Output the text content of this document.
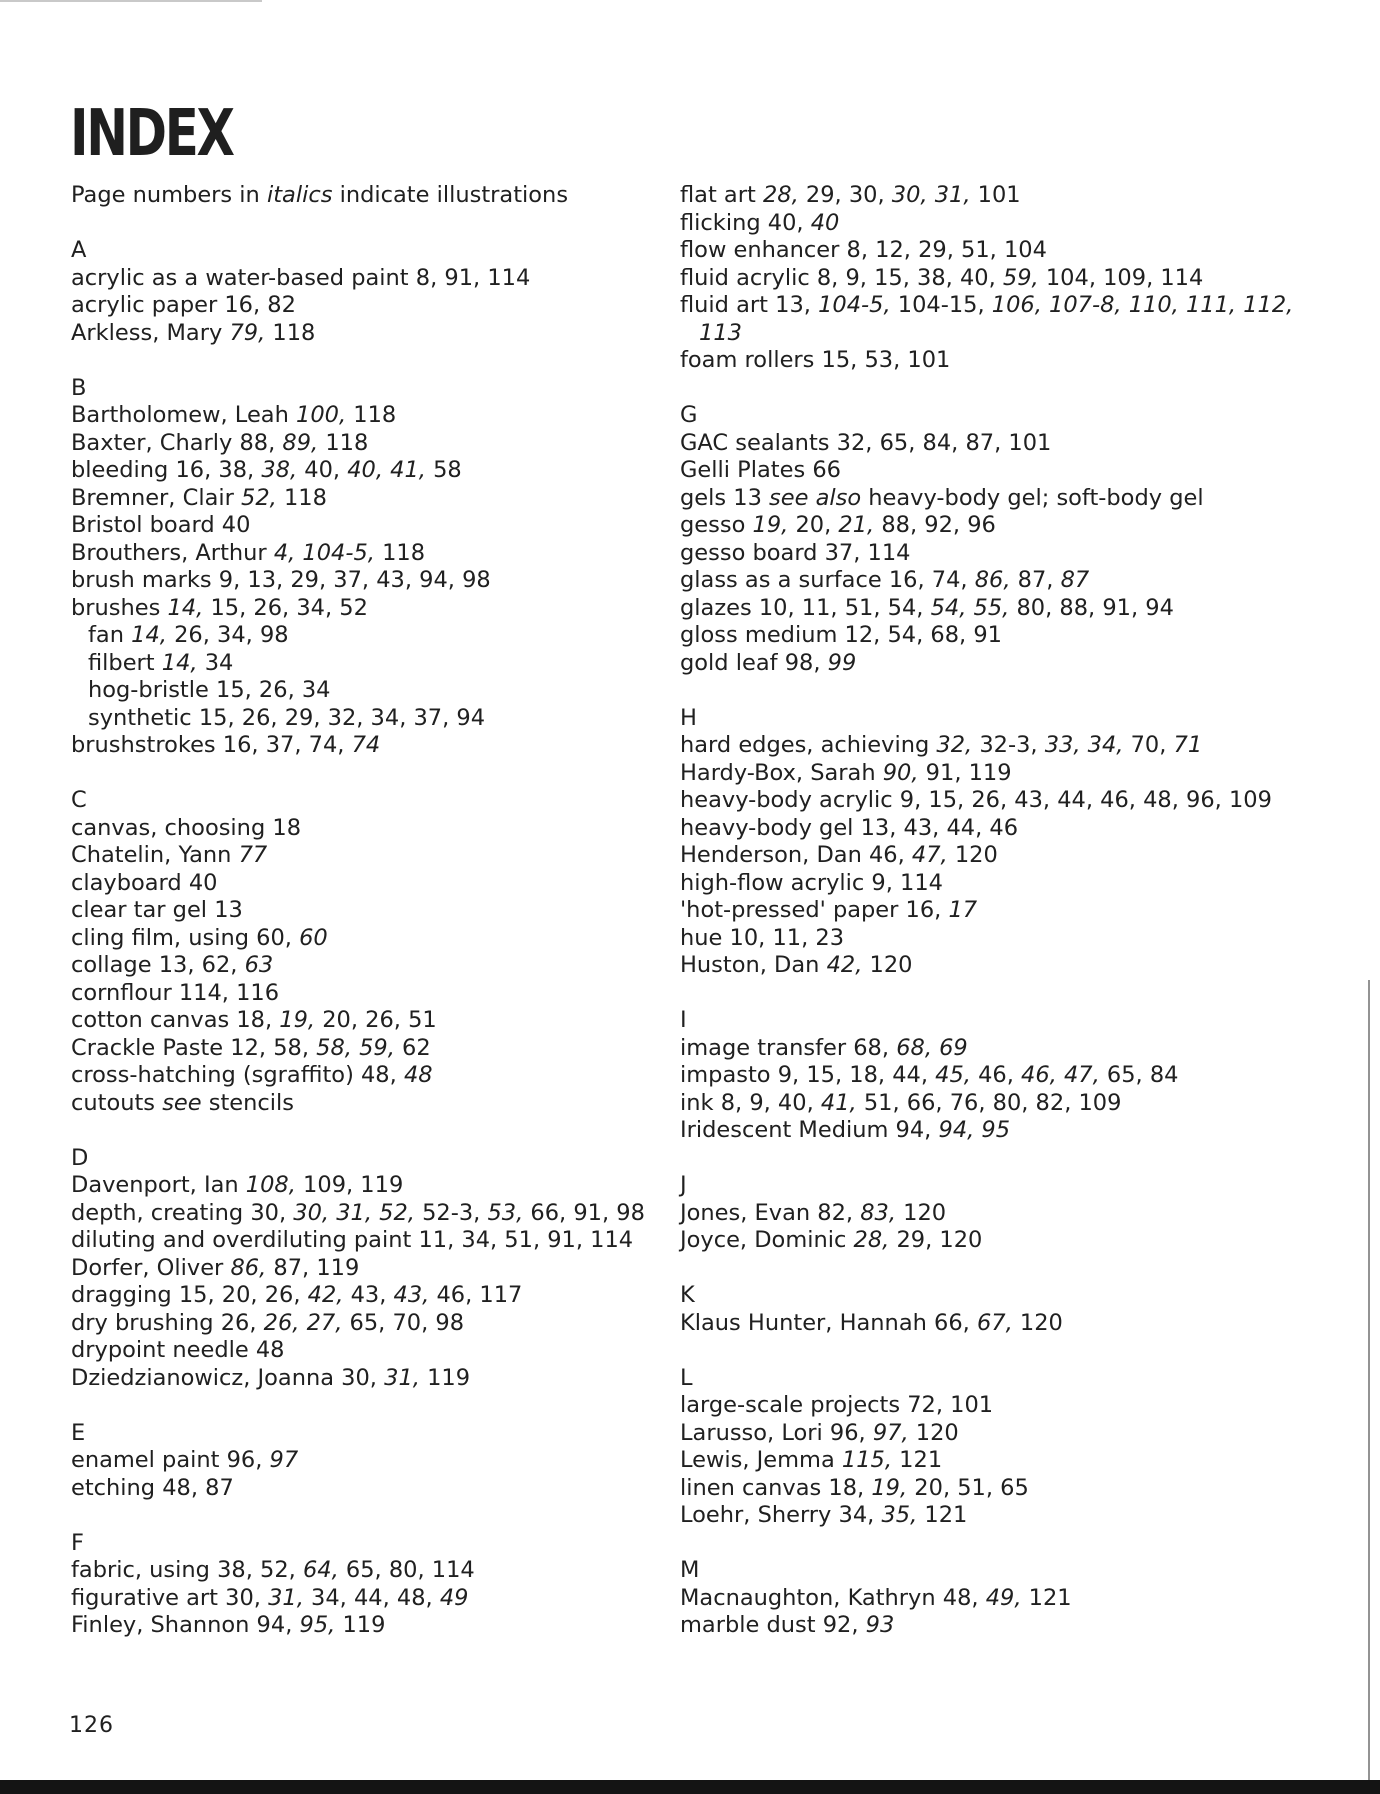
INDEX
Page numbers in italics indicate illustrations
A
acrylic as a water-based paint 8, 91, 114
acrylic paper 16, 82
Arkless, Mary 79, 118
B
Bartholomew, Leah 100, 118
Baxter, Charly 88, 89, 118
bleeding 16, 38, 38, 40, 40, 41, 58
Bremner, Clair 52, 118
Bristol board 40
Brouthers, Arthur 4, 104-5, 118
brush marks 9, 13, 29, 37, 43, 94, 98
brushes 14, 15, 26, 34, 52
fan 14, 26, 34, 98
filbert 14, 34
hog-bristle 15, 26, 34
synthetic 15, 26, 29, 32, 34, 37, 94
brushstrokes 16, 37, 74, 74
C
canvas, choosing 18
Chatelin, Yann 77
clayboard 40
clear tar gel 13
cling film, using 60, 60
collage 13, 62, 63
cornflour 114, 116
cotton canvas 18, 19, 20, 26, 51
Crackle Paste 12, 58, 58, 59, 62
cross-hatching (sgraffito) 48, 48
cutouts see stencils
D
Davenport, Ian 108, 109, 119
depth, creating 30, 30, 31, 52, 52-3, 53, 66, 91, 98
diluting and overdiluting paint 11, 34, 51, 91, 114
Dorfer, Oliver 86, 87, 119
dragging 15, 20, 26, 42, 43, 43, 46, 117
dry brushing 26, 26, 27, 65, 70, 98
drypoint needle 48
Dziedzianowicz, Joanna 30, 31, 119
E
enamel paint 96, 97
etching 48, 87
F
fabric, using 38, 52, 64, 65, 80, 114
figurative art 30, 31, 34, 44, 48, 49
Finley, Shannon 94, 95, 119
flat art 28, 29, 30, 30, 31, 101
flicking 40, 40
flow enhancer 8, 12, 29, 51, 104
fluid acrylic 8, 9, 15, 38, 40, 59, 104, 109, 114
fluid art 13, 104-5, 104-15, 106, 107-8, 110, 111, 112,
113
foam rollers 15, 53, 101
G
GAC sealants 32, 65, 84, 87, 101
Gelli Plates 66
gels 13 see also heavy-body gel; soft-body gel
gesso 19, 20, 21, 88, 92, 96
gesso board 37, 114
glass as a surface 16, 74, 86, 87, 87
glazes 10, 11, 51, 54, 54, 55, 80, 88, 91, 94
gloss medium 12, 54, 68, 91
gold leaf 98, 99
H
hard edges, achieving 32, 32-3, 33, 34, 70, 71
Hardy-Box, Sarah 90, 91, 119
heavy-body acrylic 9, 15, 26, 43, 44, 46, 48, 96, 109
heavy-body gel 13, 43, 44, 46
Henderson, Dan 46, 47, 120
high-flow acrylic 9, 114
'hot-pressed' paper 16, 17
hue 10, 11, 23
Huston, Dan 42, 120
I
image transfer 68, 68, 69
impasto 9, 15, 18, 44, 45, 46, 46, 47, 65, 84
ink 8, 9, 40, 41, 51, 66, 76, 80, 82, 109
Iridescent Medium 94, 94, 95
J
Jones, Evan 82, 83, 120
Joyce, Dominic 28, 29, 120
K
Klaus Hunter, Hannah 66, 67, 120
L
large-scale projects 72, 101
Larusso, Lori 96, 97, 120
Lewis, Jemma 115, 121
linen canvas 18, 19, 20, 51, 65
Loehr, Sherry 34, 35, 121
M
Macnaughton, Kathryn 48, 49, 121
marble dust 92, 93
126
